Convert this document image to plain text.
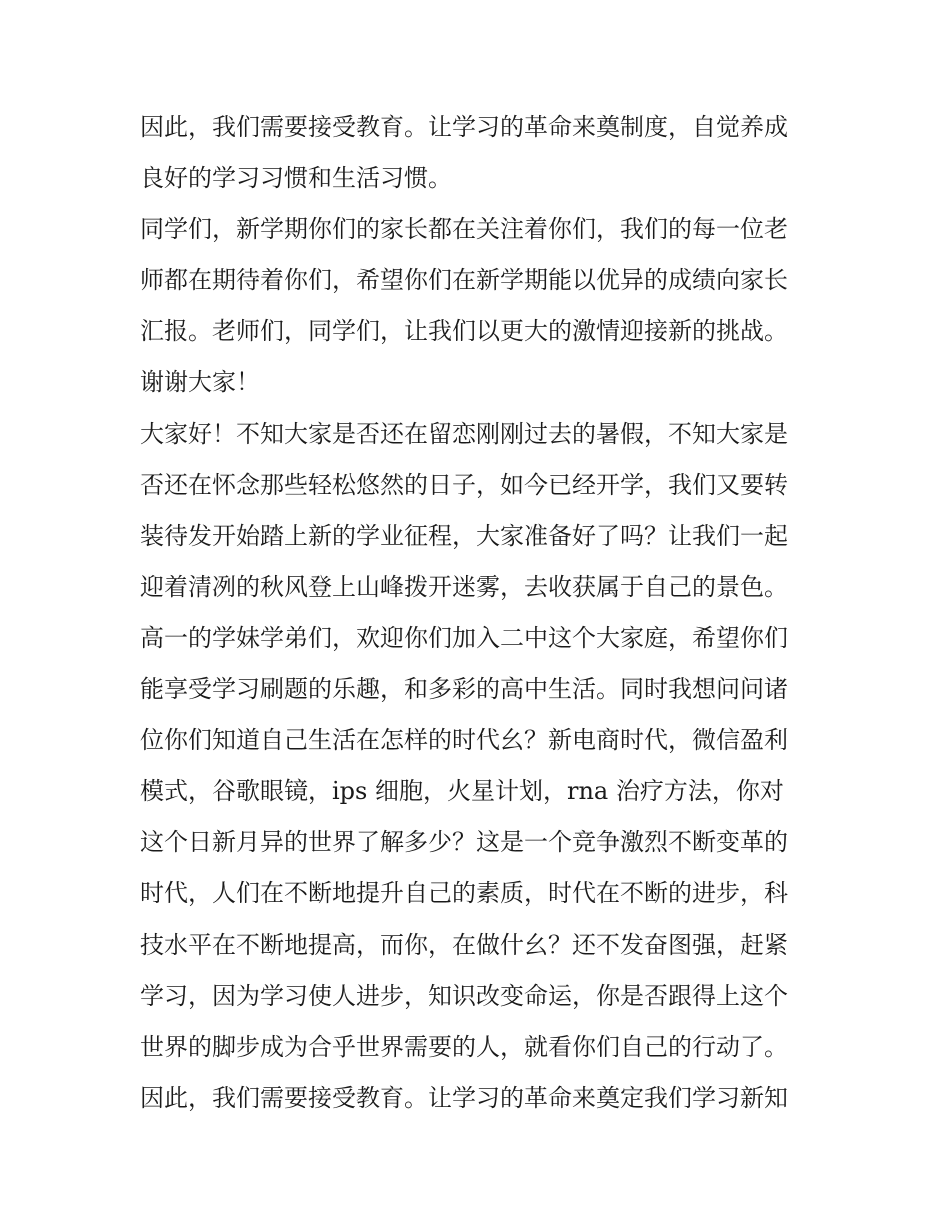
因此，我们需要接受教育。让学习的革命来奠制度，自觉养成
良好的学习习惯和生活习惯。
同学们，新学期你们的家长都在关注着你们，我们的每一位老
师都在期待着你们，希望你们在新学期能以优异的成绩向家长
汇报。老师们，同学们，让我们以更大的激情迎接新的挑战。
谢谢大家！
大家好！不知大家是否还在留恋刚刚过去的暑假，不知大家是
否还在怀念那些轻松悠然的日子，如今已经开学，我们又要转
装待发开始踏上新的学业征程，大家准备好了吗？让我们一起
迎着清冽的秋风登上山峰拨开迷雾，去收获属于自己的景色。
高一的学妹学弟们，欢迎你们加入二中这个大家庭，希望你们
能享受学习刷题的乐趣，和多彩的高中生活。同时我想问问诸
位你们知道自己生活在怎样的时代幺？新电商时代，微信盈利
模式，谷歌眼镜，ips 细胞，火星计划，rna 治疗方法，你对
这个日新月异的世界了解多少？这是一个竞争激烈不断变革的
时代，人们在不断地提升自己的素质，时代在不断的进步，科
技水平在不断地提高，而你，在做什幺？还不发奋图强，赶紧
学习，因为学习使人进步，知识改变命运，你是否跟得上这个
世界的脚步成为合乎世界需要的人，就看你们自己的行动了。
因此，我们需要接受教育。让学习的革命来奠定我们学习新知
